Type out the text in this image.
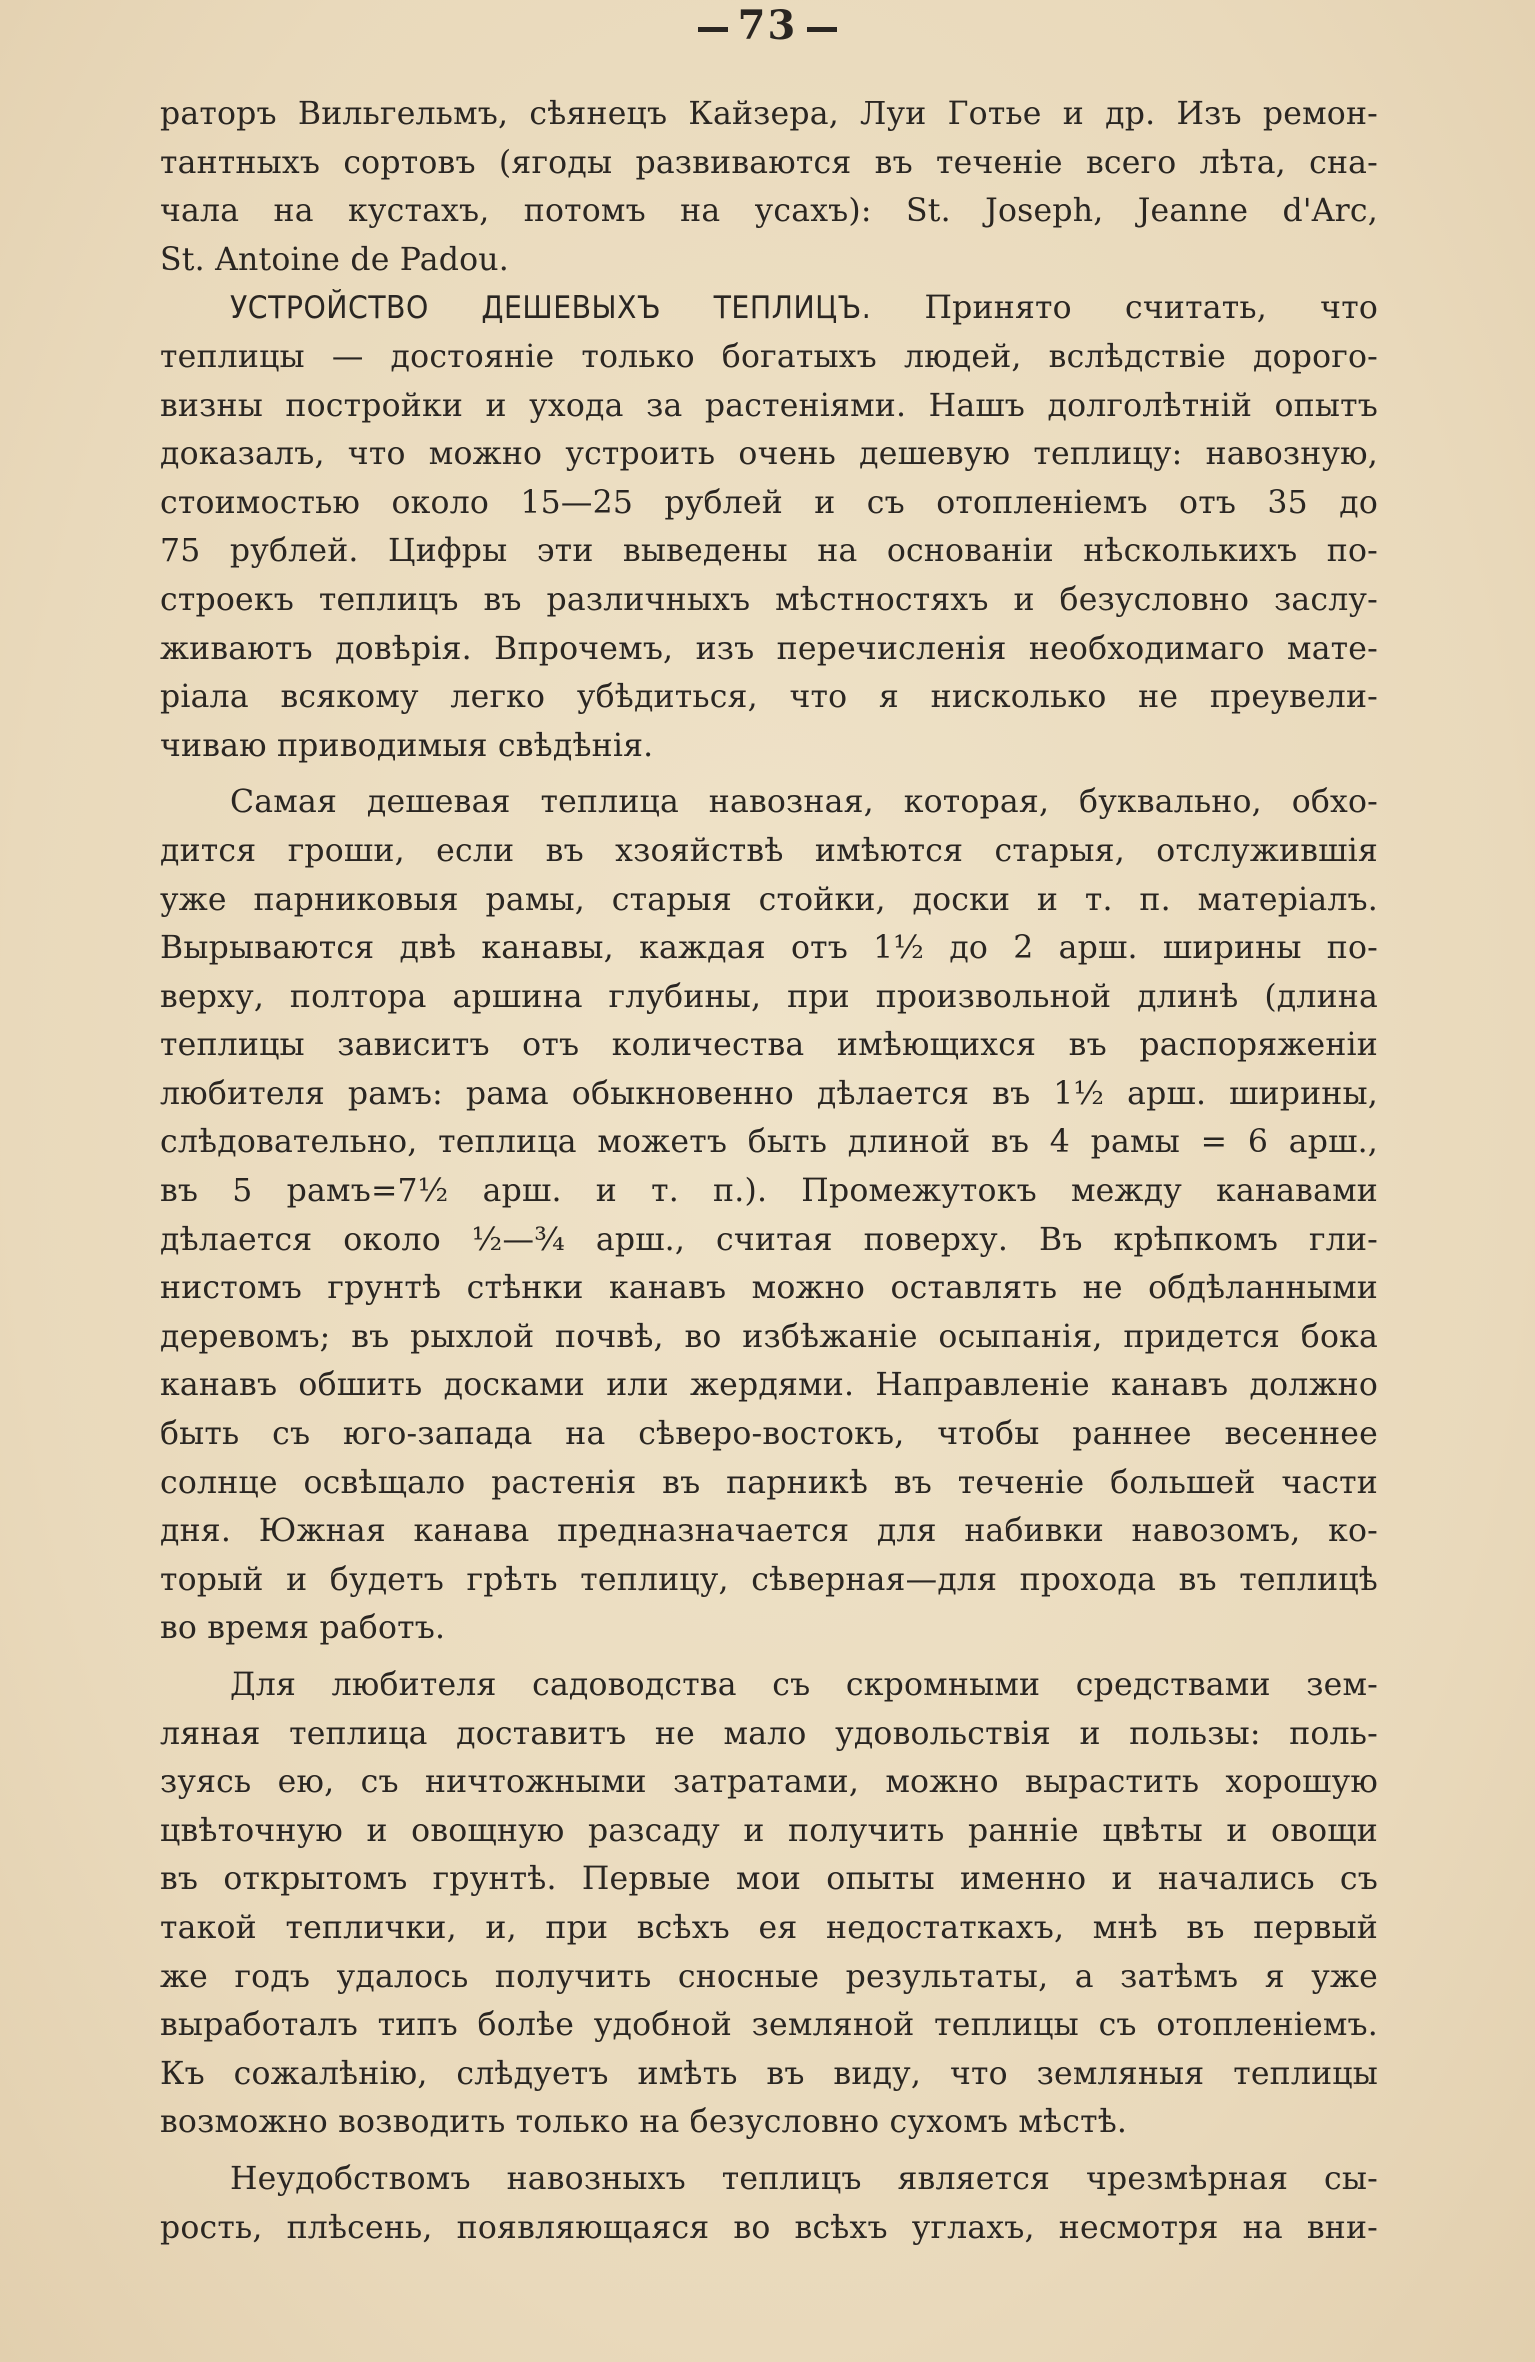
73
раторъ Вильгельмъ, сѣянецъ Кайзера, Луи Готье и др. Изъ ремон-
тантныхъ сортовъ (ягоды развиваются въ теченіе всего лѣта, сна-
чала на кустахъ, потомъ на усахъ): St. Joseph, Jeanne d'Arc,
St. Antoine de Padou.
УСТРОЙСТВО ДЕШЕВЫХЪ ТЕПЛИЦЪ. Принято считать, что
теплицы — достояніе только богатыхъ людей, вслѣдствіе дорого-
визны постройки и ухода за растеніями. Нашъ долголѣтній опытъ
доказалъ, что можно устроить очень дешевую теплицу: навозную,
стоимостью около 15—25 рублей и съ отопленіемъ отъ 35 до
75 рублей. Цифры эти выведены на основаніи нѣсколькихъ по-
строекъ теплицъ въ различныхъ мѣстностяхъ и безусловно заслу-
живаютъ довѣрія. Впрочемъ, изъ перечисленія необходимаго мате-
ріала всякому легко убѣдиться, что я нисколько не преувели-
чиваю приводимыя свѣдѣнія.
Самая дешевая теплица навозная, которая, буквально, обхо-
дится гроши, если въ хзояйствѣ имѣются старыя, отслужившія
уже парниковыя рамы, старыя стойки, доски и т. п. матеріалъ.
Вырываются двѣ канавы, каждая отъ 1½ до 2 арш. ширины по-
верху, полтора аршина глубины, при произвольной длинѣ (длина
теплицы зависитъ отъ количества имѣющихся въ распоряженіи
любителя рамъ: рама обыкновенно дѣлается въ 1½ арш. ширины,
слѣдовательно, теплица можетъ быть длиной въ 4 рамы = 6 арш.,
въ 5 рамъ=7½ арш. и т. п.). Промежутокъ между канавами
дѣлается около ½—¾ арш., считая поверху. Въ крѣпкомъ гли-
нистомъ грунтѣ стѣнки канавъ можно оставлять не обдѣланными
деревомъ; въ рыхлой почвѣ, во избѣжаніе осыпанія, придется бока
канавъ обшить досками или жердями. Направленіе канавъ должно
быть съ юго-запада на сѣверо-востокъ, чтобы раннее весеннее
солнце освѣщало растенія въ парникѣ въ теченіе большей части
дня. Южная канава предназначается для набивки навозомъ, ко-
торый и будетъ грѣть теплицу, сѣверная—для прохода въ теплицѣ
во время работъ.
Для любителя садоводства съ скромными средствами зем-
ляная теплица доставитъ не мало удовольствія и пользы: поль-
зуясь ею, съ ничтожными затратами, можно вырастить хорошую
цвѣточную и овощную разсаду и получить ранніе цвѣты и овощи
въ открытомъ грунтѣ. Первые мои опыты именно и начались съ
такой теплички, и, при всѣхъ ея недостаткахъ, мнѣ въ первый
же годъ удалось получить сносные результаты, а затѣмъ я уже
выработалъ типъ болѣе удобной земляной теплицы съ отопленіемъ.
Къ сожалѣнію, слѣдуетъ имѣть въ виду, что земляныя теплицы
возможно возводить только на безусловно сухомъ мѣстѣ.
Неудобствомъ навозныхъ теплицъ является чрезмѣрная сы-
рость, плѣсень, появляющаяся во всѣхъ углахъ, несмотря на вни-
